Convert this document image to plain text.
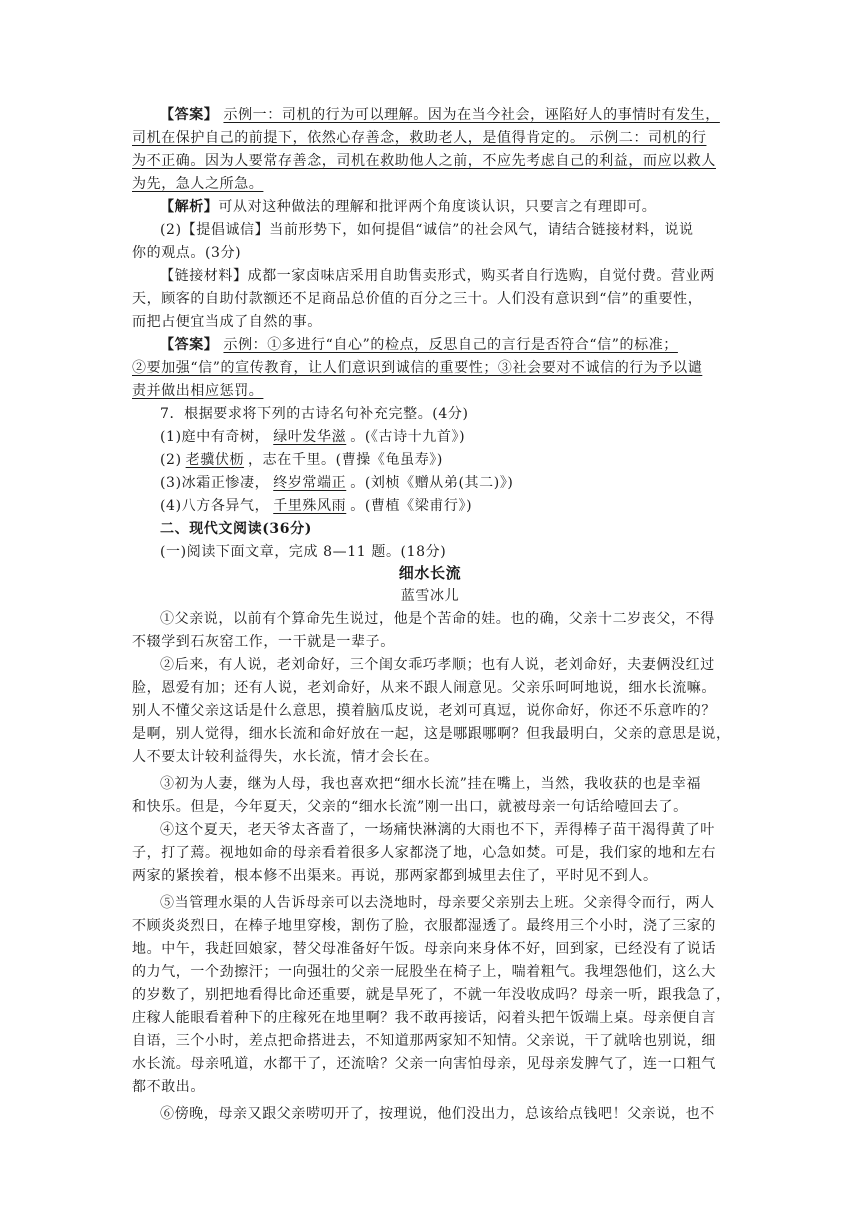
【答案】 示例一：司机的行为可以理解。因为在当今社会，诬陷好人的事情时有发生，
司机在保护自己的前提下，依然心存善念，救助老人，是值得肯定的。 示例二：司机的行
为不正确。因为人要常存善念，司机在救助他人之前，不应先考虑自己的利益，而应以救人
为先，急人之所急。
【解析】可从对这种做法的理解和批评两个角度谈认识，只要言之有理即可。
(2)【提倡诚信】当前形势下，如何提倡“诚信”的社会风气，请结合链接材料，说说
你的观点。(3分)
【链接材料】成都一家卤味店采用自助售卖形式，购买者自行选购，自觉付费。营业两
天，顾客的自助付款额还不足商品总价值的百分之三十。人们没有意识到“信”的重要性，
而把占便宜当成了自然的事。
【答案】 示例：①多进行“自心”的检点，反思自己的言行是否符合“信”的标准；
②要加强“信”的宣传教育，让人们意识到诚信的重要性；③社会要对不诚信的行为予以谴
责并做出相应惩罚。
7．根据要求将下列的古诗名句补充完整。(4分)
(1)庭中有奇树， 绿叶发华滋 。(《古诗十九首》)
(2) 老骥伏枥 ，志在千里。(曹操《龟虽寿》)
(3)冰霜正惨凄， 终岁常端正 。(刘桢《赠从弟(其二)》)
(4)八方各异气， 千里殊风雨 。(曹植《梁甫行》)
二、现代文阅读(36分)
(一)阅读下面文章，完成 8—11 题。(18分)
细水长流
蓝雪冰儿
①父亲说，以前有个算命先生说过，他是个苦命的娃。也的确，父亲十二岁丧父，不得
不辍学到石灰窑工作，一干就是一辈子。
②后来，有人说，老刘命好，三个闺女乖巧孝顺；也有人说，老刘命好，夫妻俩没红过
脸，恩爱有加；还有人说，老刘命好，从来不跟人闹意见。父亲乐呵呵地说，细水长流嘛。
别人不懂父亲这话是什么意思，摸着脑瓜皮说，老刘可真逗，说你命好，你还不乐意咋的？
是啊，别人觉得，细水长流和命好放在一起，这是哪跟哪啊？但我最明白，父亲的意思是说，
人不要太计较利益得失，水长流，情才会长在。
③初为人妻，继为人母，我也喜欢把“细水长流”挂在嘴上，当然，我收获的也是幸福
和快乐。但是，今年夏天，父亲的“细水长流”刚一出口，就被母亲一句话给噎回去了。
④这个夏天，老天爷太吝啬了，一场痛快淋漓的大雨也不下，弄得棒子苗干渴得黄了叶
子，打了蔫。视地如命的母亲看着很多人家都浇了地，心急如焚。可是，我们家的地和左右
两家的紧挨着，根本修不出渠来。再说，那两家都到城里去住了，平时见不到人。
⑤当管理水渠的人告诉母亲可以去浇地时，母亲要父亲别去上班。父亲得令而行，两人
不顾炎炎烈日，在棒子地里穿梭，割伤了脸，衣服都湿透了。最终用三个小时，浇了三家的
地。中午，我赶回娘家，替父母准备好午饭。母亲向来身体不好，回到家，已经没有了说话
的力气，一个劲擦汗；一向强壮的父亲一屁股坐在椅子上，喘着粗气。我埋怨他们，这么大
的岁数了，别把地看得比命还重要，就是旱死了，不就一年没收成吗？母亲一听，跟我急了，
庄稼人能眼看着种下的庄稼死在地里啊？我不敢再接话，闷着头把午饭端上桌。母亲便自言
自语，三个小时，差点把命搭进去，不知道那两家知不知情。父亲说，干了就啥也别说，细
水长流。母亲吼道，水都干了，还流啥？父亲一向害怕母亲，见母亲发脾气了，连一口粗气
都不敢出。
⑥傍晚，母亲又跟父亲唠叨开了，按理说，他们没出力，总该给点钱吧！父亲说，也不
